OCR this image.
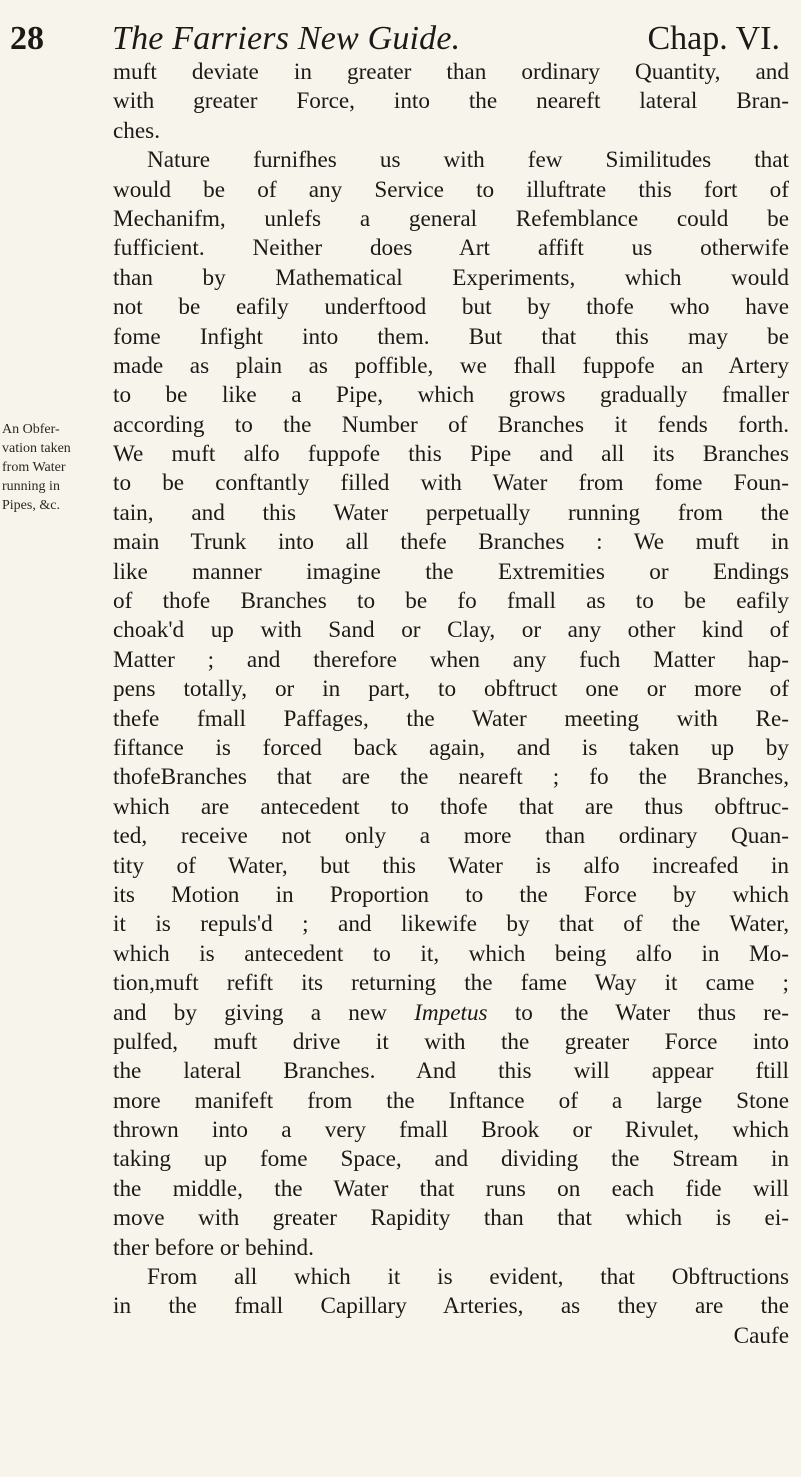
28 The Farriers New Guide.	Chap. VI.
An Obfer-
vation taken
from Water
running in
Pipes, &c.
muft deviate in greater than ordinary Quantity, and
with greater Force, into the neareft lateral Bran-
ches.
Nature furnifhes us with few Similitudes that
would be of any Service to illuftrate this fort of
Mechanifm, unlefs a general Refemblance could be
fufficient. Neither does Art affift us otherwife
than by Mathematical Experiments, which would
not be eafily underftood but by thofe who have
fome Infight into them. But that this may be
made as plain as poffible, we fhall fuppofe an Artery
to be like a Pipe, which grows gradually fmaller
according to the Number of Branches it fends forth.
We muft alfo fuppofe this Pipe and all its Branches
to be conftantly filled with Water from fome Foun-
tain, and this Water perpetually running from the
main Trunk into all thefe Branches : We muft in
like manner imagine the Extremities or Endings
of thofe Branches to be fo fmall as to be eafily
choak'd up with Sand or Clay, or any other kind of
Matter ; and therefore when any fuch Matter hap-
pens totally, or in part, to obftruct one or more of
thefe fmall Paffages, the Water meeting with Re-
fiftance is forced back again, and is taken up by
thofeBranches that are the neareft ; fo the Branches,
which are antecedent to thofe that are thus obftruc-
ted, receive not only a more than ordinary Quan-
tity of Water, but this Water is alfo increafed in
its Motion in Proportion to the Force by which
it is repuls'd ; and likewife by that of the Water,
which is antecedent to it, which being alfo in Mo-
tion,muft refift its returning the fame Way it came ;
and by giving a new Impetus to the Water thus re-
pulfed, muft drive it with the greater Force into
the lateral Branches. And this will appear ftill
more manifeft from the Inftance of a large Stone
thrown into a very fmall Brook or Rivulet, which
taking up fome Space, and dividing the Stream in
the middle, the Water that runs on each fide will
move with greater Rapidity than that which is ei-
ther before or behind.
From all which it is evident, that Obftructions
in the fmall Capillary Arteries, as they are the
Caufe
